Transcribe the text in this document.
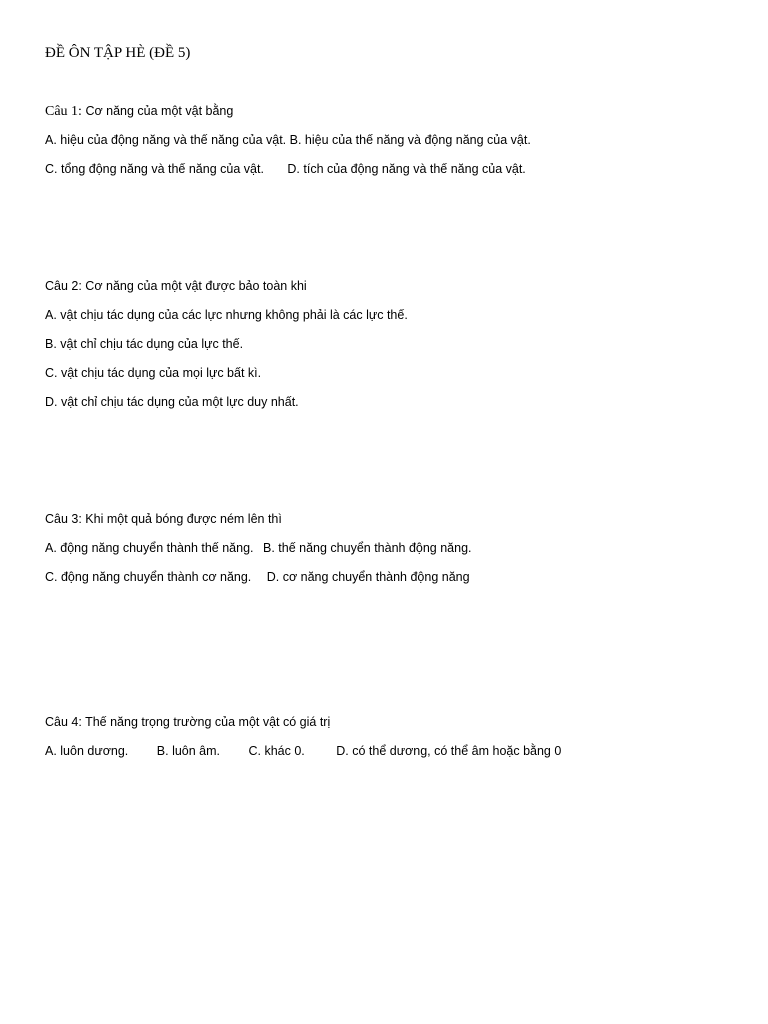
ĐỀ ÔN TẬP HÈ (ĐỀ 5)
Câu 1: Cơ năng của một vật bằng
A. hiệu của động năng và thế năng của vật. B. hiệu của thế năng và động năng của vật.
C. tổng động năng và thế năng của vật. D. tích của động năng và thế năng của vật.
Câu 2: Cơ năng của một vật được bảo toàn khi
A. vật chịu tác dụng của các lực nhưng không phải là các lực thế.
B. vật chỉ chịu tác dụng của lực thế.
C. vật chịu tác dụng của mọi lực bất kì.
D. vật chỉ chịu tác dụng của một lực duy nhất.
Câu 3: Khi một quả bóng được ném lên thì
A. động năng chuyển thành thế năng. B. thế năng chuyển thành động năng.
C. động năng chuyển thành cơ năng. D. cơ năng chuyển thành động năng
Câu 4: Thế năng trọng trường của một vật có giá trị
A. luôn dương. B. luôn âm. C. khác 0.	D. có thể dương, có thể âm hoặc bằng 0
